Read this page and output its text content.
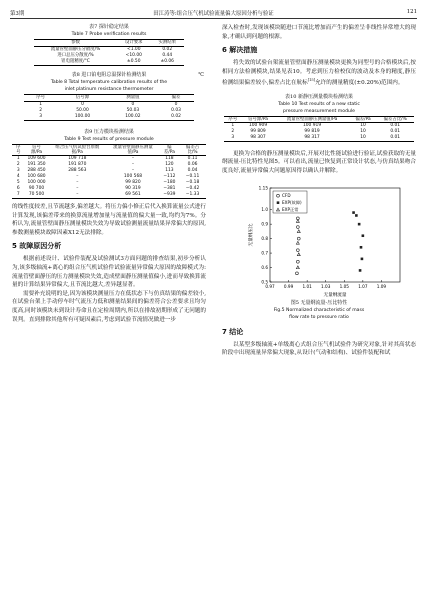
第3期	田江涛等:组合压气机试验流量偏大原因分析与验证	121
表7 探针稳定结果
Table 7 Probe verification results
参数	设计要求	实测结果
流量管壁面静压分散度/%	<1.00	0.02
进口总压分散度/%	<10.00	0.44
钽电阻精度/°C	±0.50	±0.06
表8 进口铂电阻总温探针检测结果	℃
Table 8 Total temperature calibration results of the
inlet platinum resistance thermometer
序号	信号源	测量值	偏差
1	0	0	0
2	50.00	50.03	0.03
3	100.00	100.02	0.02
表9 压力模块检测结果
Table 9 Test results of pressure module
序号	信号源/Pa	组合压气机试验台原数据/Pa	流量管壁面静压测量值/Pa	偏差/Pa	偏差占比/%
1	109 600	109 718	–	118	0.11
2	191 350	191 870	–	120	0.06
3	288 450	288 563	–	113	0.04
4	100 680	–	100 568	−112	−0.11
5	100 000	–	99 820	−180	−0.18
6	90 700	–	90 319	−381	−0.42
7	70 500	–	69 561	−939	−1.33

的线性度较差,且节流越多,偏差越大。将压力偏小修正后代入换算流量公式进行计算发现,该偏差带来的换算流量增加量与流量值的偏大量一致,均约为7%。分析认为,流量管壁面静压测量模块失效为导致试验测量流量结果异常偏大的原因,参数测量模块故障因素X12无法排除。

5 故障原因分析

根据前述设计、试验件装配及试验测试3方面问题的排查结果,初步分析认为,该多级轴流+离心的组合压气机试验件试验流量异常偏大原因的故障模式为:流量管壁面静压的压力测量模块失效,造成壁面静压测量值偏小,进而导致换算流量的计算结果异常偏大,且节流比越大,差异越显著。

需要补充说明的是,因为该模块测量压力在低状态下与仿真结果的偏差较小,在试验台架上手动停车时气流压力低和测量结果间的偏差符合公差要求且均匀度高,同时该模块未到设计寿命且在定检周期内,所以在排故初期形成了无问题的误判。直到排除其他所有可疑因素后,考虑到试验节流情况做进一步

深入检查时,发现该模块随进口节流比增加而产生的偏差呈非线性异常增大的现象,才确认到问题的根源。

6 解决措施

将失效的试验台架流量管壁面静压测量模块更换为同型号的合格模块后,按相同方法检测模块,结果见表10。考虑到压力检校仪的波动及本身的精度,静压检测结果偏差较小,偏差占比在航标[15]允许的测量精度(±0.20%)范围内。

表10 新静压测量模块检测结果
Table 10 Test results of a new static
pressure measurement module
序号	信号源/Pa	流量管壁面静压测量值/Pa	偏差/Pa	偏差占比/%
1	100 909	100 919	10	0.01
2	99 809	99 819	10	0.01
3	98 307	98 317	10	0.01

更换为合格的静压测量模块后,开展对比性能试验进行验证,试验获取的无量纲流量-压比特性见图5。可以看出,流量已恢复到正常设计状态,与仿真结果吻合度良好,流量异常偏大问题原因得以确认并解除。

0.97 0.99 1.01 1.03 1.05 1.07 1.09
0.5
0.6
0.7
0.8
0.9
1.0
1.15
无量纲流量
无量纲压比
CFD
EXP(故障)
EXP正常
图5 无量纲流量-压比特性
Fig.5 Normalized characteristic of mass
flow rate to pressure ratio
7 结论

以某型多级轴流+单级离心式组合压气机试验件为研究对象,针对其高状态阶段中出现流量异常偏大现象,从设计(气动和结构)、试验件装配和试
